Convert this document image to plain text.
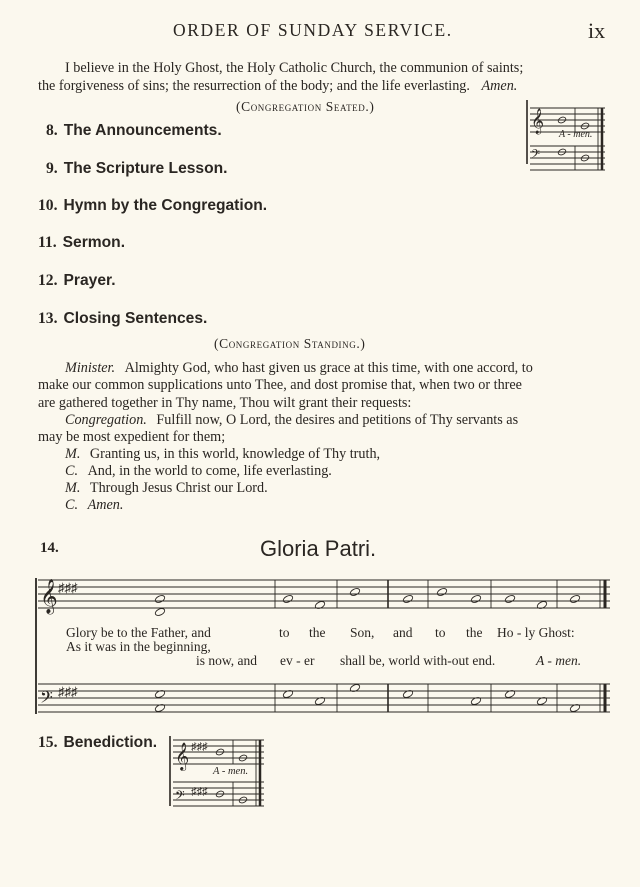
ORDER OF SUNDAY SERVICE.	ix
I believe in the Holy Ghost, the Holy Catholic Church, the communion of saints;
the forgiveness of sins; the resurrection of the body; and the life everlasting. Amen.
(Congregation Seated.)
8. The Announcements.
9. The Scripture Lesson.
10. Hymn by the Congregation.
11. Sermon.
12. Prayer.
13. Closing Sentences.
(Congregation Standing.)
Minister. Almighty God, who hast given us grace at this time, with one accord, to
make our common supplications unto Thee, and dost promise that, when two or three
are gathered together in Thy name, Thou wilt grant their requests:
Congregation. Fulfill now, O Lord, the desires and petitions of Thy servants as
may be most expedient for them;
M. Granting us, in this world, knowledge of Thy truth,
C. And, in the world to come, life everlasting.
M. Through Jesus Christ our Lord.
C. Amen.
14.	Gloria Patri.
𝄞
𝄢
𝄞 ♯♯♯
𝄢 ♯♯♯
𝄞 ♯♯♯
𝄢 ♯♯♯
A - men.
Glory be to the Father, and	to the Son, and to the Ho - ly Ghost:
As it was in the beginning,
is now, and ev - er shall be, world with-out end.	A - men.
15. Benediction.
A - men.
